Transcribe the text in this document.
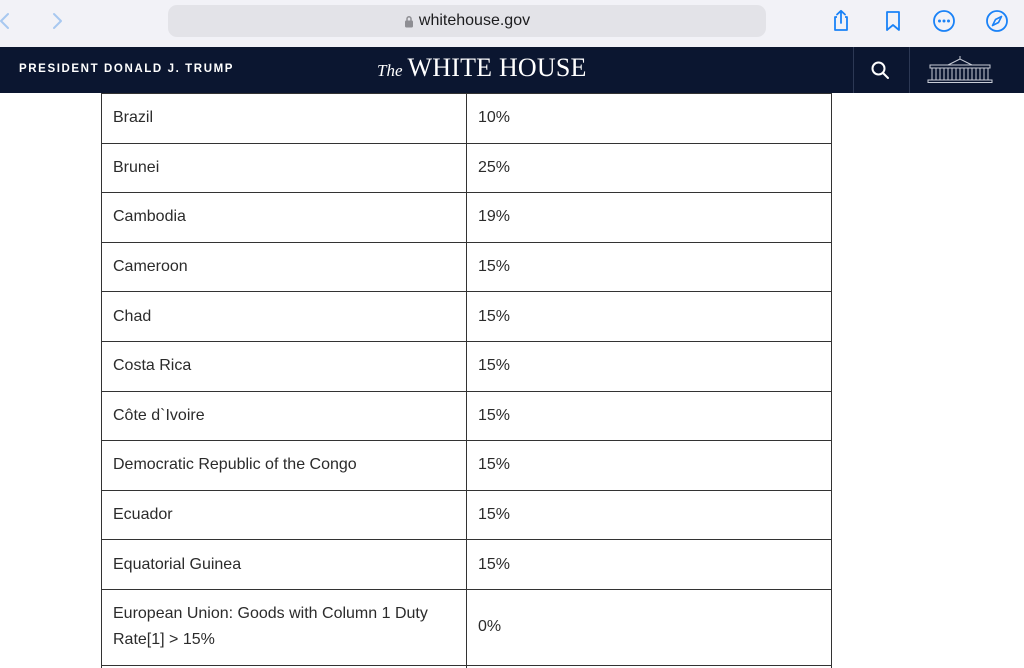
whitehouse.gov
PRESIDENT DONALD J. TRUMP	The WHITE HOUSE
Brazil	10%
Brunei	25%
Cambodia	19%
Cameroon	15%
Chad	15%
Costa Rica	15%
Côte d`Ivoire	15%
Democratic Republic of the Congo	15%
Ecuador	15%
Equatorial Guinea	15%
European Union: Goods with Column 1 Duty Rate[1] > 15%	0%
